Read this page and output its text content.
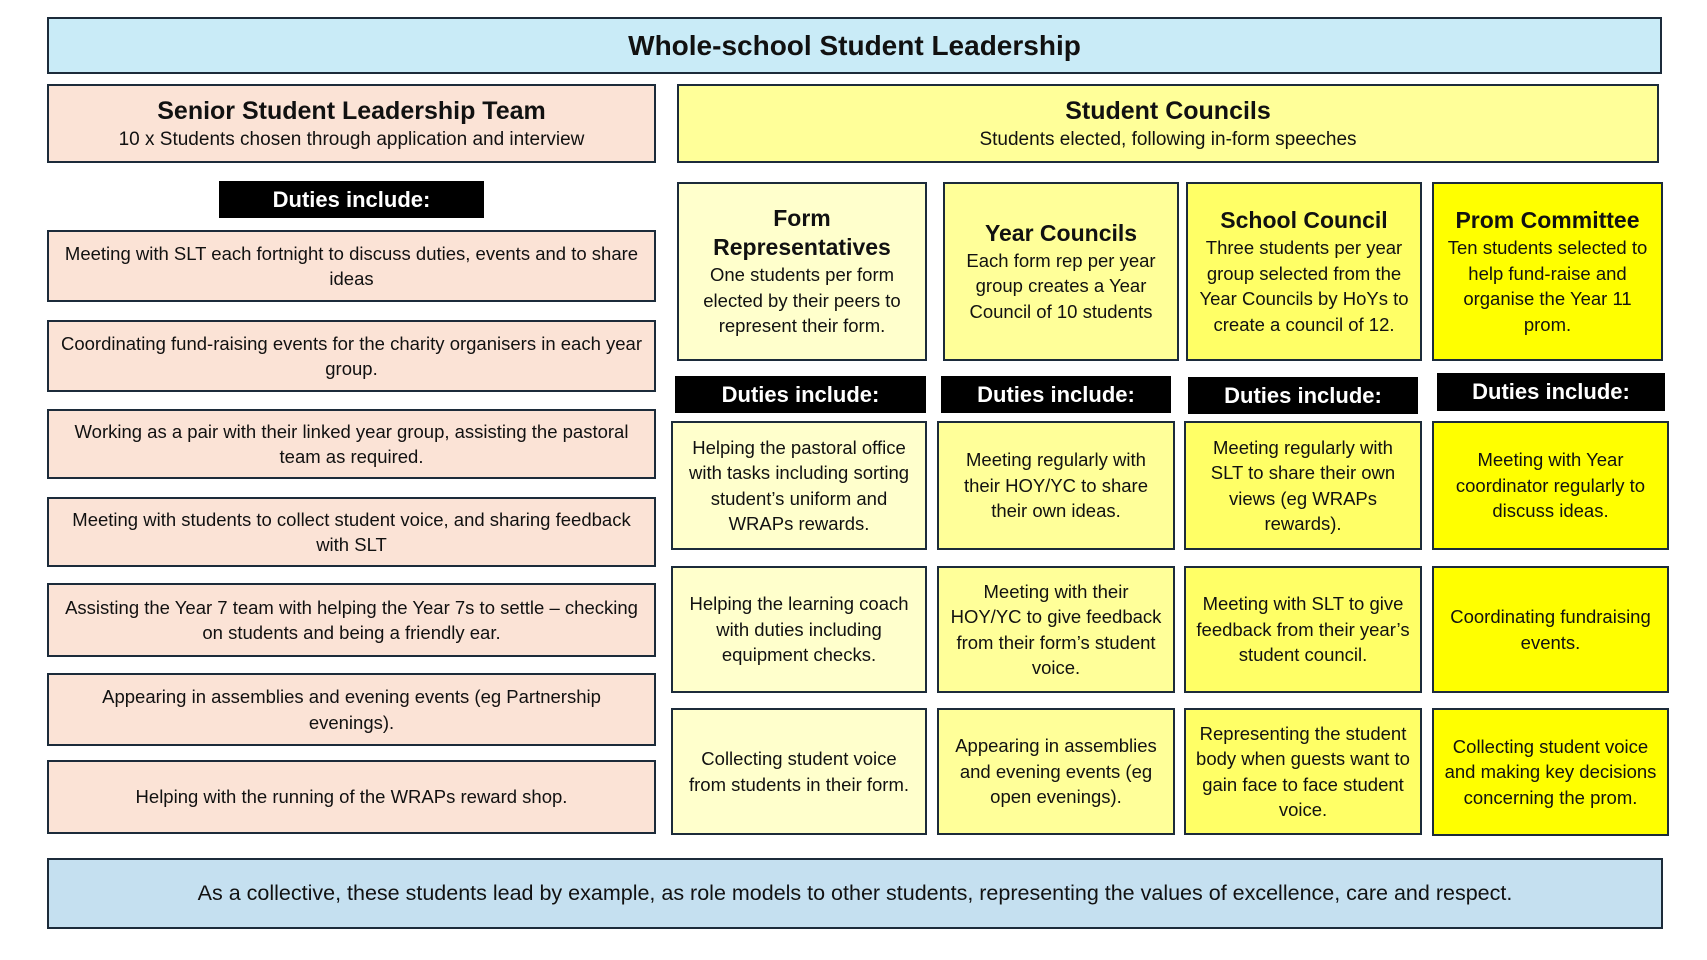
Whole-school Student Leadership
Senior Student Leadership Team
10 x Students chosen through application and interview
Duties include:
Meeting with SLT each fortnight to discuss duties, events and to share ideas
Coordinating fund-raising events for the charity organisers in each year group.
Working as a pair with their linked year group, assisting the pastoral team as required.
Meeting with students to collect student voice, and sharing feedback with SLT
Assisting the Year 7 team with helping the Year 7s to settle – checking on students and being a friendly ear.
Appearing in assemblies and evening events (eg Partnership evenings).
Helping with the running of the WRAPs reward shop.
Student Councils
Students elected, following in-form speeches
Form Representatives
One students per form elected by their peers to represent their form.
Duties include:
Helping the pastoral office with tasks including sorting student’s uniform and WRAPs rewards.
Helping the learning coach with duties including equipment checks.
Collecting student voice from students in their form.
Year Councils
Each form rep per year group creates a Year Council of 10 students
Duties include:
Meeting regularly with their HOY/YC to share their own ideas.
Meeting with their HOY/YC to give feedback from their form’s student voice.
Appearing in assemblies and evening events (eg open evenings).
School Council
Three students per year group selected from the Year Councils by HoYs to create a council of 12.
Duties include:
Meeting regularly with SLT to share their own views (eg WRAPs rewards).
Meeting with SLT to give feedback from their year’s student council.
Representing the student body when guests want to gain face to face student voice.
Prom Committee
Ten students selected to help fund-raise and organise the Year 11 prom.
Duties include:
Meeting with Year coordinator regularly to discuss ideas.
Coordinating fundraising events.
Collecting student voice and making key decisions concerning the prom.
As a collective, these students lead by example, as role models to other students, representing the values of excellence, care and respect.
